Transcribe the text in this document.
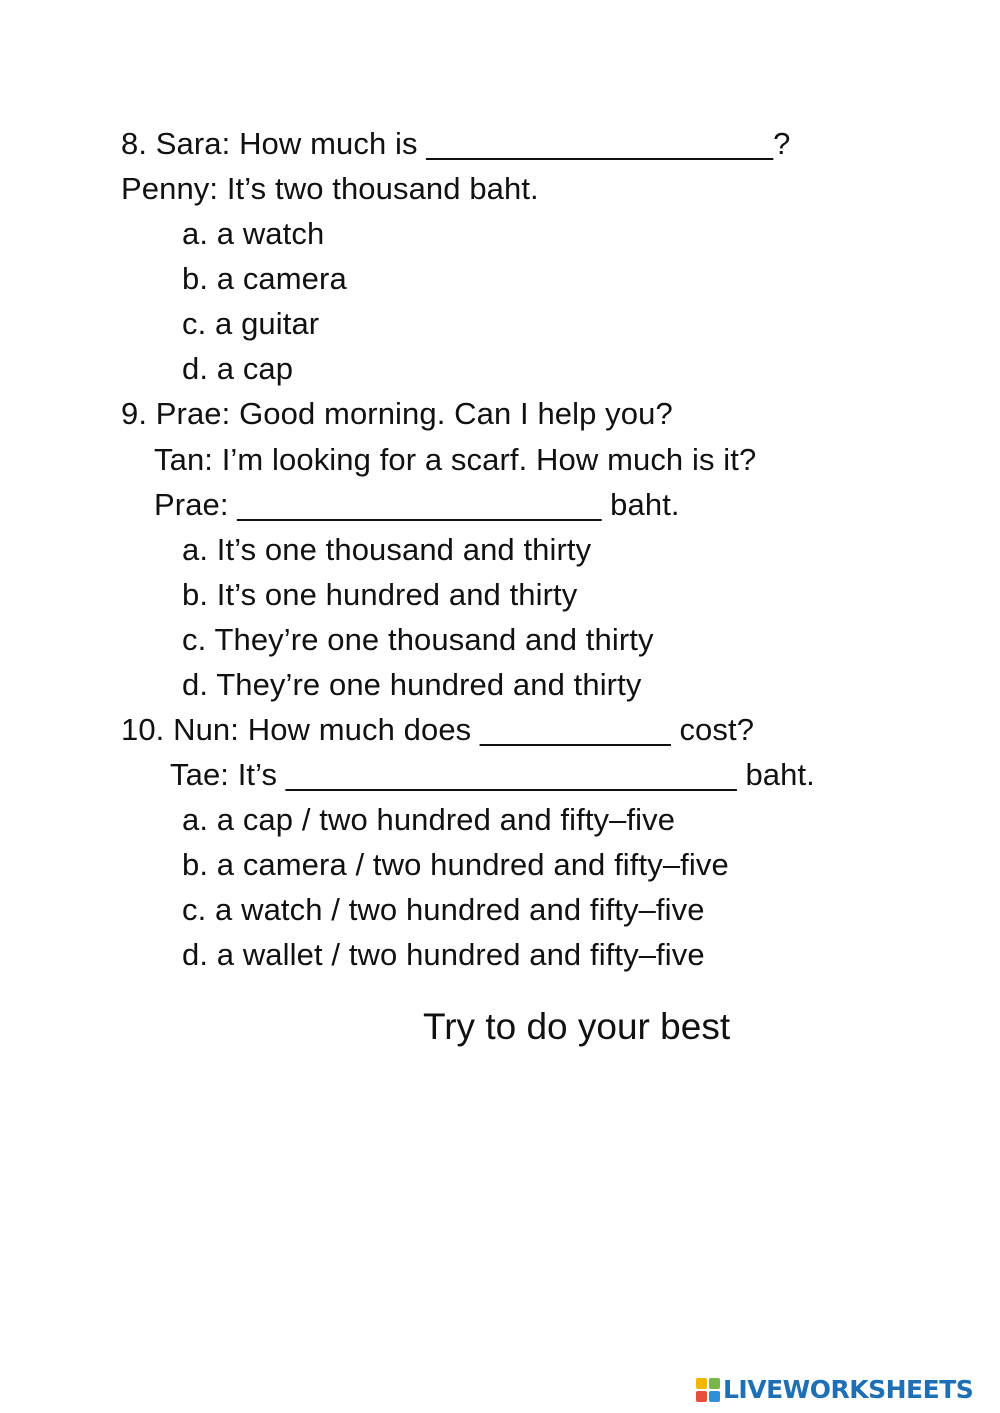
8. Sara: How much is ____________________?
Penny: It’s two thousand baht.
a. a watch
b. a camera
c. a guitar
d. a cap
9. Prae: Good morning. Can I help you?
Tan: I’m looking for a scarf. How much is it?
Prae: _____________________ baht.
a. It’s one thousand and thirty
b. It’s one hundred and thirty
c. They’re one thousand and thirty
d. They’re one hundred and thirty
10. Nun: How much does ___________ cost?
Tae: It’s __________________________ baht.
a. a cap / two hundred and fifty–five
b. a camera / two hundred and fifty–five
c. a watch / two hundred and fifty–five
d. a wallet / two hundred and fifty–five
Try to do your best
LIVEWORKSHEETS
